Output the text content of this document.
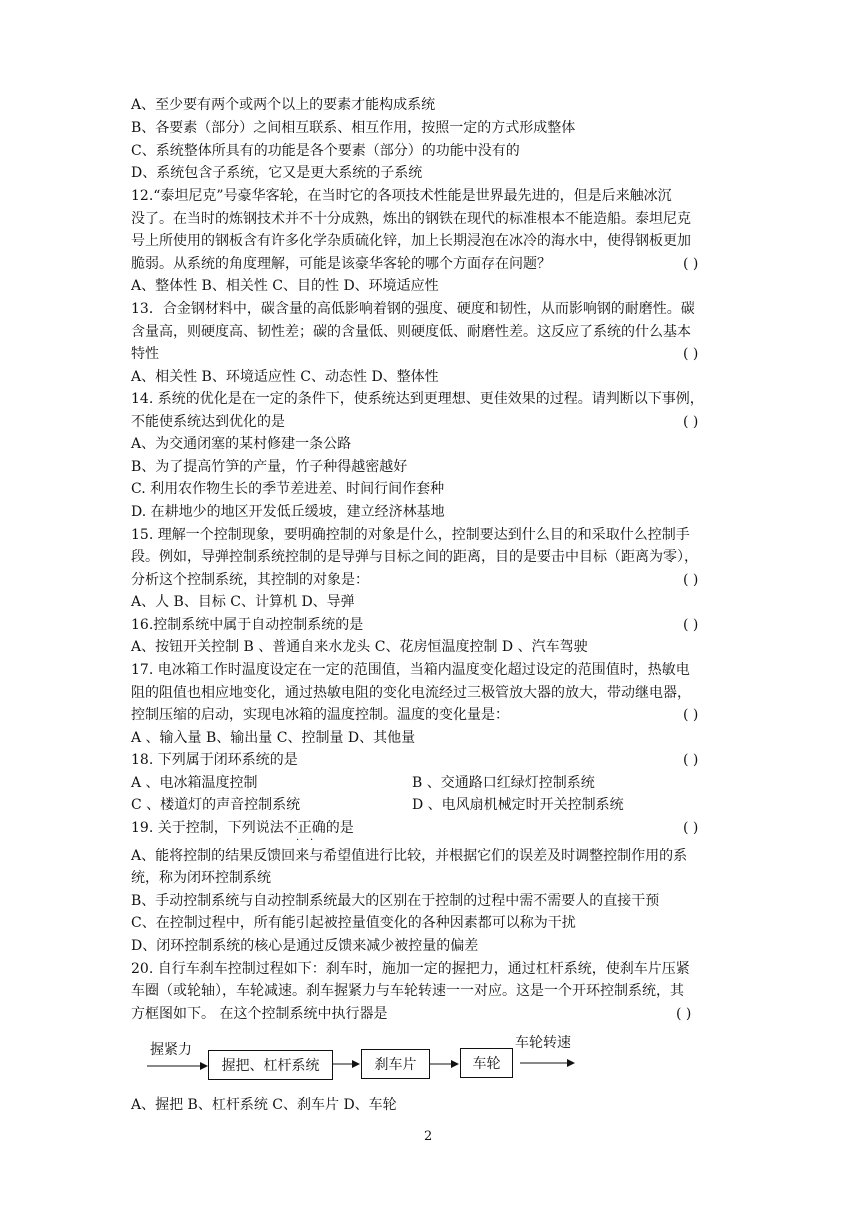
A、至少要有两个或两个以上的要素才能构成系统
B、各要素（部分）之间相互联系、相互作用，按照一定的方式形成整体
C、系统整体所具有的功能是各个要素（部分）的功能中没有的
D、系统包含子系统，它又是更大系统的子系统
12.“泰坦尼克”号豪华客轮，在当时它的各项技术性能是世界最先进的，但是后来触冰沉
没了。在当时的炼钢技术并不十分成熟，炼出的钢铁在现代的标准根本不能造船。泰坦尼克
号上所使用的钢板含有许多化学杂质硫化锌，加上长期浸泡在冰冷的海水中，使得钢板更加
脆弱。从系统的角度理解，可能是该豪华客轮的哪个方面存在问题？	( )
A、整体性 B、相关性 C、目的性 D、环境适应性
13．合金钢材料中，碳含量的高低影响着钢的强度、硬度和韧性，从而影响钢的耐磨性。碳
含量高，则硬度高、韧性差；碳的含量低、则硬度低、耐磨性差。这反应了系统的什么基本
特性	( )
A、相关性 B、环境适应性 C、动态性 D、整体性
14. 系统的优化是在一定的条件下，使系统达到更理想、更佳效果的过程。请判断以下事例，
不能使系统达到优化的是	( )
A、为交通闭塞的某村修建一条公路
B、为了提高竹笋的产量，竹子种得越密越好
C. 利用农作物生长的季节差进差、时间行间作套种
D. 在耕地少的地区开发低丘缓坡，建立经济林基地
15. 理解一个控制现象，要明确控制的对象是什么，控制要达到什么目的和采取什么控制手
段。例如，导弹控制系统控制的是导弹与目标之间的距离，目的是要击中目标（距离为零），
分析这个控制系统，其控制的对象是：	( )
A、人 B、目标 C、计算机 D、导弹
16.控制系统中属于自动控制系统的是	( )
A、按钮开关控制 B 、普通自来水龙头 C、花房恒温度控制 D 、汽车驾驶
17. 电冰箱工作时温度设定在一定的范围值，当箱内温度变化超过设定的范围值时，热敏电
阻的阻值也相应地变化，通过热敏电阻的变化电流经过三极管放大器的放大，带动继电器，
控制压缩的启动，实现电冰箱的温度控制。温度的变化量是：	( )
A 、输入量 B、输出量 C、控制量 D、其他量
18. 下列属于闭环系统的是	( )
A 、电冰箱温度控制	B 、交通路口红绿灯控制系统
C 、楼道灯的声音控制系统	D 、电风扇机械定时开关控制系统
19. 关于控制，下列说法不正确的是
· ·
( )
A、能将控制的结果反馈回来与希望值进行比较，并根据它们的误差及时调整控制作用的系
统，称为闭环控制系统
B、手动控制系统与自动控制系统最大的区别在于控制的过程中需不需要人的直接干预
C、在控制过程中，所有能引起被控量值变化的各种因素都可以称为干扰
D、闭环控制系统的核心是通过反馈来减少被控量的偏差
20. 自行车刹车控制过程如下：刹车时，施加一定的握把力，通过杠杆系统，使刹车片压紧
车圈（或轮轴），车轮减速。刹车握紧力与车轮转速一一对应。这是一个开环控制系统，其
方框图如下。 在这个控制系统中执行器是	( )
握紧力
握把、杠杆系统	刹车片	车轮
车轮转速
A、握把 B、杠杆系统 C、刹车片 D、车轮
2
